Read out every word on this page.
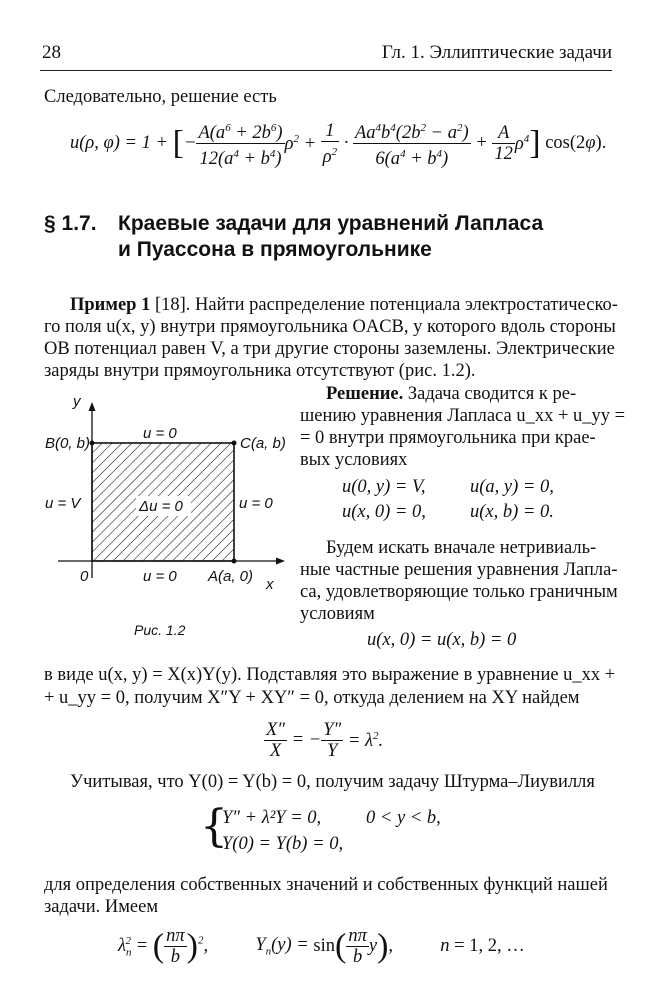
28	Гл. 1. Эллиптические задачи
Следовательно, решение есть
u(ρ, φ) = 1 + [− $\frac{A(a^6 + 2b^6)}{12(a^4 + b^4)} \rho^2 + \frac{1}{\rho^2} \cdot \frac{Aa^4b^4(2b^2 - a^2)}{6(a^4 + b^4)} + \frac{A}{12} \rho^4$] cos(2φ).
§ 1.7. Краевые задачи для уравнений Лапласа
и Пуассона в прямоугольнике
Пример 1 [18]. Найти распределение потенциала электростатическо-
го поля u(x, y) внутри прямоугольника OACB, у которого вдоль стороны
OB потенциал равен V, а три другие стороны заземлены. Электрические
заряды внутри прямоугольника отсутствуют (рис. 1.2).
Решение. Задача сводится к ре-
шению уравнения Лапласа u_xx + u_yy =
= 0 внутри прямоугольника при крае-
вых условиях
u(0, y) = V, u(a, y) = 0,
u(x, 0) = 0, u(x, b) = 0.
Будем искать вначале нетривиаль-
ные частные решения уравнения Лапла-
са, удовлетворяющие только граничным
условиям
u(x, 0) = u(x, b) = 0
Δu = 0
y
x
B(0, b)	C(a, b)
A(a, 0)
0
u = 0
u = 0
u = V	u = 0
Рис. 1.2
в виде u(x, y) = X(x)Y(y). Подставляя это выражение в уравнение u_xx +
+ u_yy = 0, получим X″Y + XY″ = 0, откуда делением на XY найдем
$\frac{X''}{X}$ = − $\frac{Y''}{Y} = \lambda^2$.
Учитывая, что Y(0) = Y(b) = 0, получим задачу Штурма–Лиувилля
{
Y″ + λ²Y = 0, 0 < y < b,
Y(0) = Y(b) = 0,
для определения собственных значений и собственных функций нашей
задачи. Имеем
$\lambda_n^2$ = ( $\frac{n\pi}{b} )^2$,	$Y_n(y) = \sin( \frac{n\pi}{b} y)$,	n = 1, 2, …
